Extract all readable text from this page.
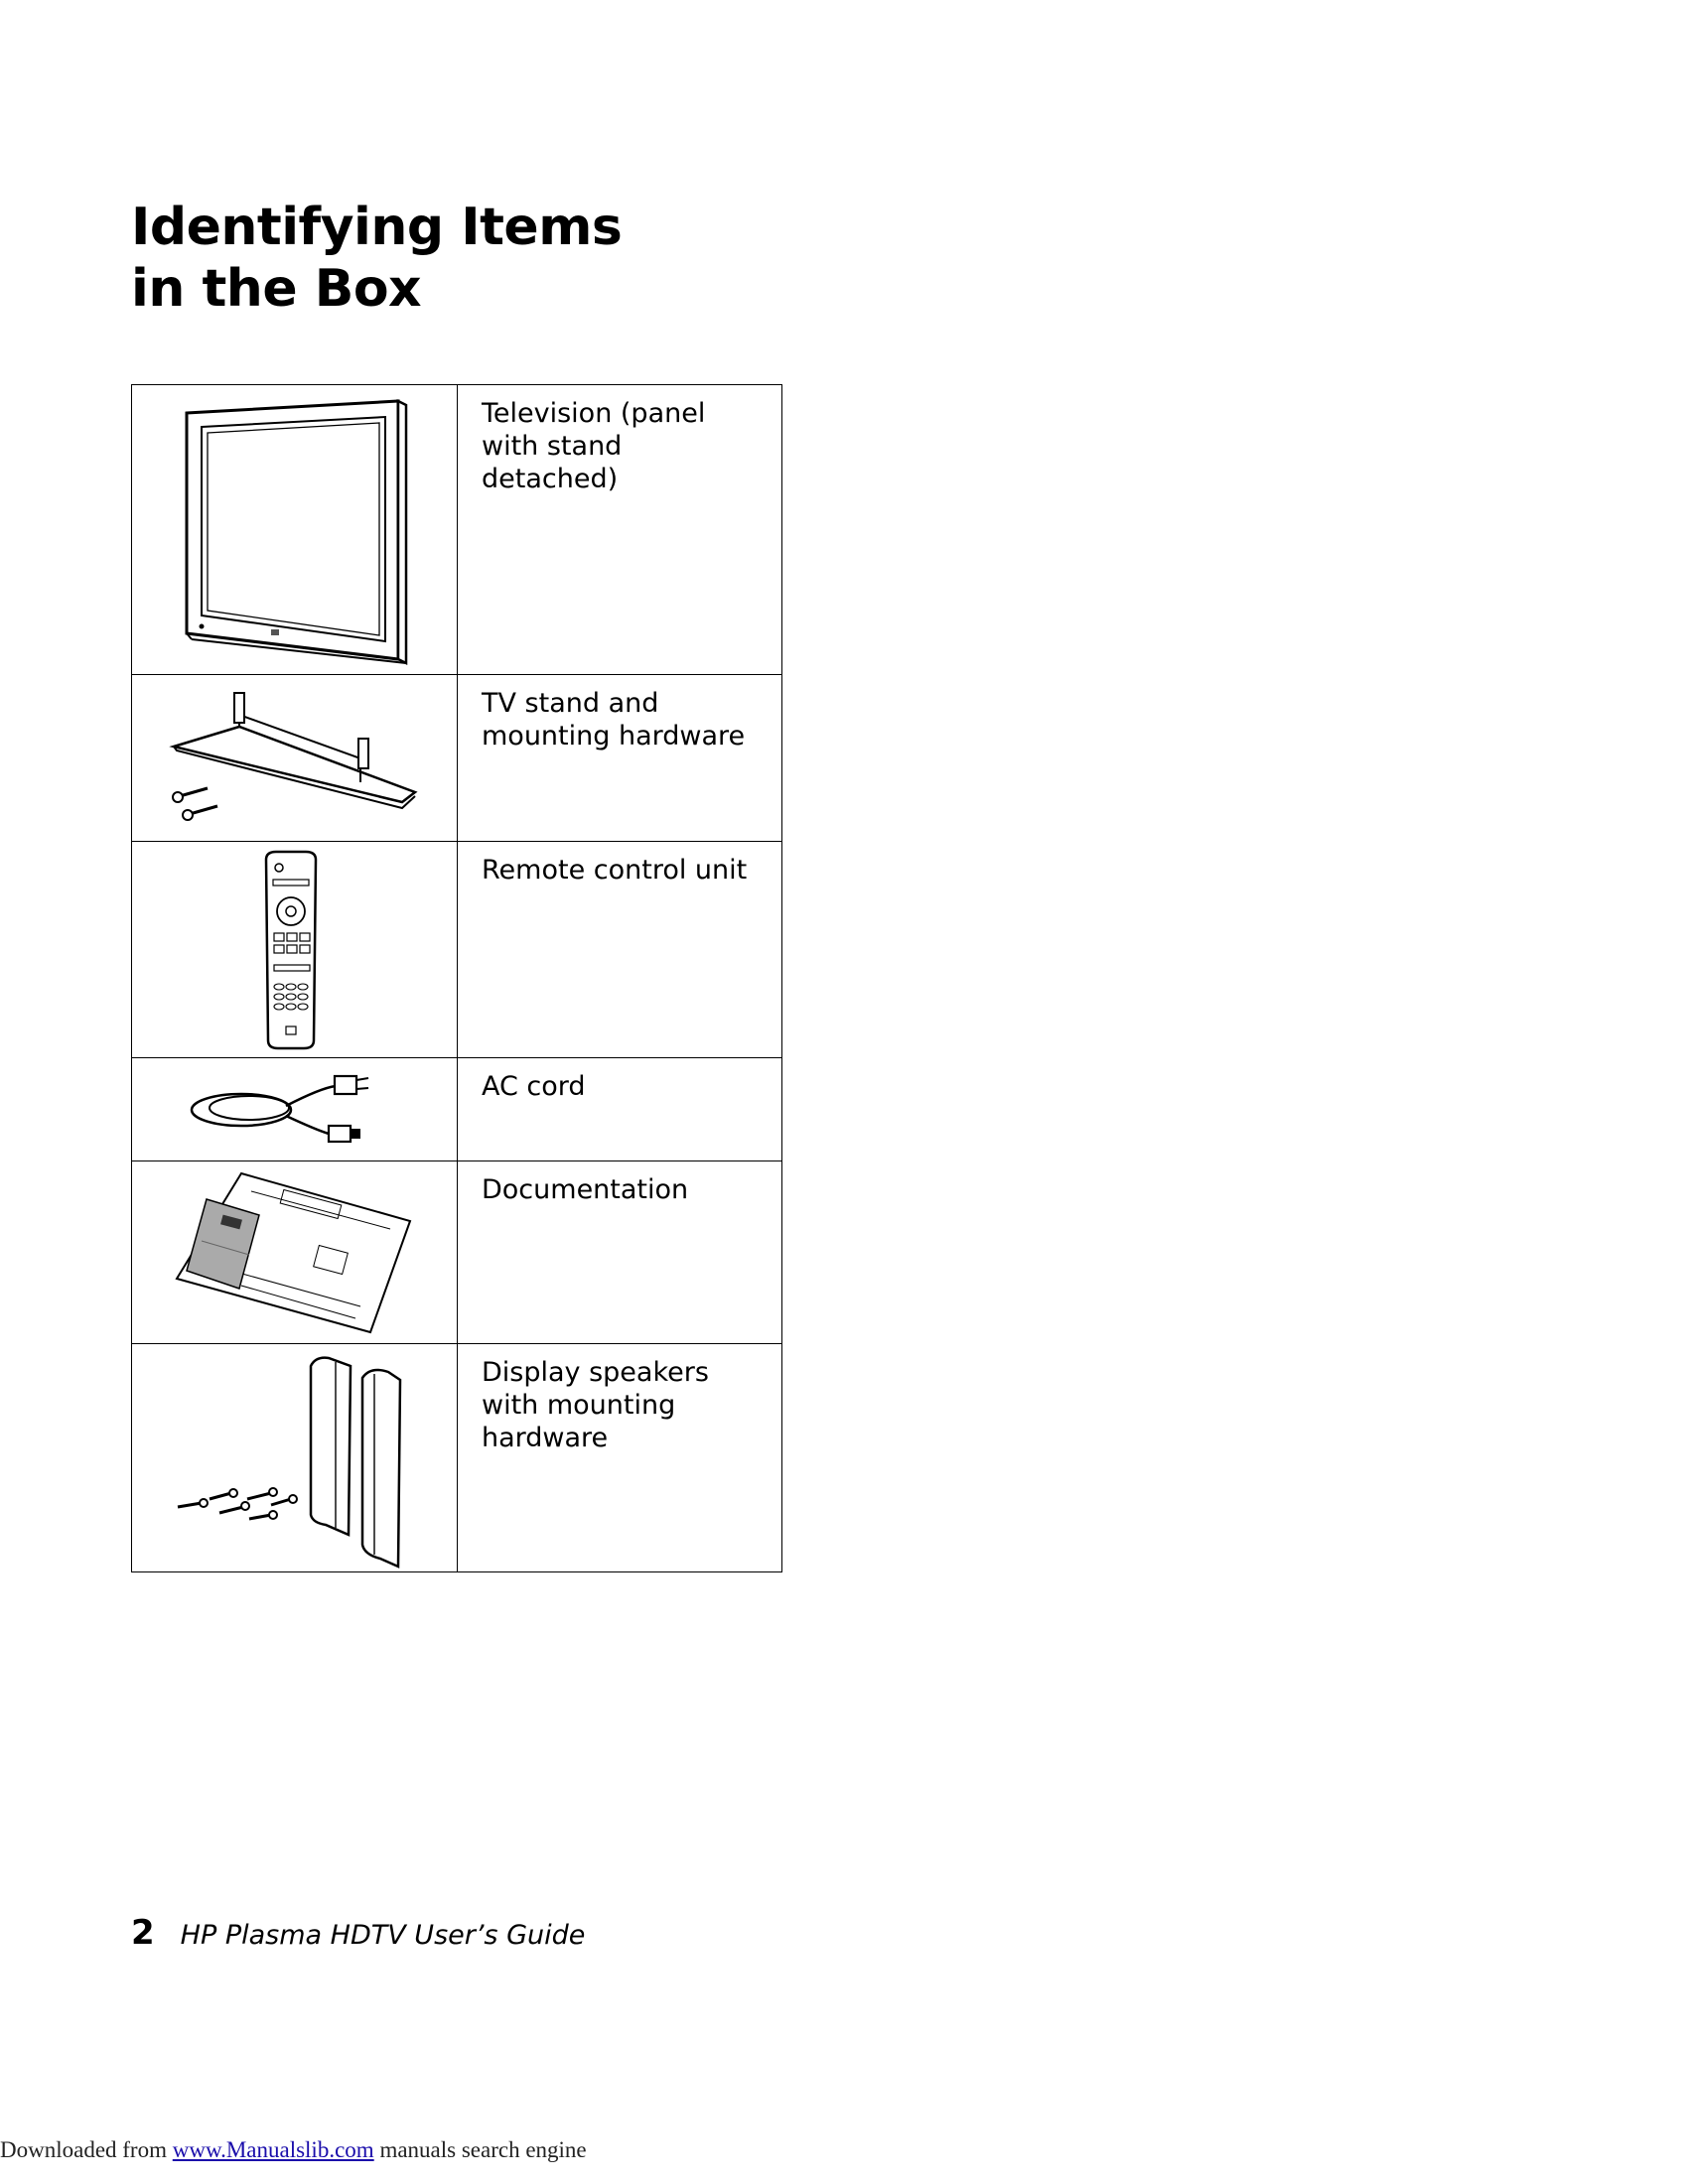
Identifying Items
in the Box
	Television (panel with stand detached)

	TV stand and mounting hardware

	Remote control unit

	AC cord

	Documentation

	Display speakers with mounting hardware
2 HP Plasma HDTV User’s Guide
Downloaded from www.Manualslib.com manuals search engine
